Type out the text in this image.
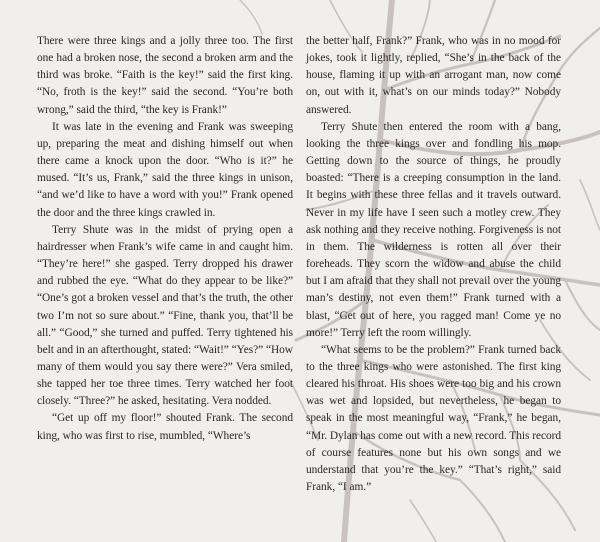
There were three kings and a jolly three too. The first one had a broken nose, the second a broken arm and the third was broke. “Faith is the key!” said the first king. “No, froth is the key!” said the second. “You’re both wrong,” said the third, “the key is Frank!”

It was late in the evening and Frank was sweeping up, preparing the meat and dishing himself out when there came a knock upon the door. “Who is it?” he mused. “It’s us, Frank,” said the three kings in unison, “and we’d like to have a word with you!” Frank opened the door and the three kings crawled in.

Terry Shute was in the midst of prying open a hairdresser when Frank’s wife came in and caught him. “They’re here!” she gasped. Terry dropped his drawer and rubbed the eye. “What do they appear to be like?” “One’s got a broken vessel and that’s the truth, the other two I’m not so sure about.” “Fine, thank you, that’ll be all.” “Good,” she turned and puffed. Terry tightened his belt and in an afterthought, stated: “Wait!” “Yes?” “How many of them would you say there were?” Vera smiled, she tapped her toe three times. Terry watched her foot closely. “Three?” he asked, hesitating. Vera nodded.

“Get up off my floor!” shouted Frank. The second king, who was first to rise, mumbled, “Where’s

the better half, Frank?” Frank, who was in no mood for jokes, took it lightly, replied, “She’s in the back of the house, flaming it up with an arrogant man, now come on, out with it, what’s on our minds today?” Nobody answered.

Terry Shute then entered the room with a bang, looking the three kings over and fondling his mop. Getting down to the source of things, he proudly boasted: “There is a creeping consumption in the land. It begins with these three fellas and it travels outward. Never in my life have I seen such a motley crew. They ask nothing and they receive nothing. Forgiveness is not in them. The wilderness is rotten all over their foreheads. They scorn the widow and abuse the child but I am afraid that they shall not prevail over the young man’s destiny, not even them!” Frank turned with a blast, “Get out of here, you ragged man! Come ye no more!” Terry left the room willingly.

“What seems to be the problem?” Frank turned back to the three kings who were astonished. The first king cleared his throat. His shoes were too big and his crown was wet and lopsided, but nevertheless, he began to speak in the most meaningful way, “Frank,” he began, “Mr. Dylan has come out with a new record. This record of course features none but his own songs and we understand that you’re the key.” “That’s right,” said Frank, “I am.”
